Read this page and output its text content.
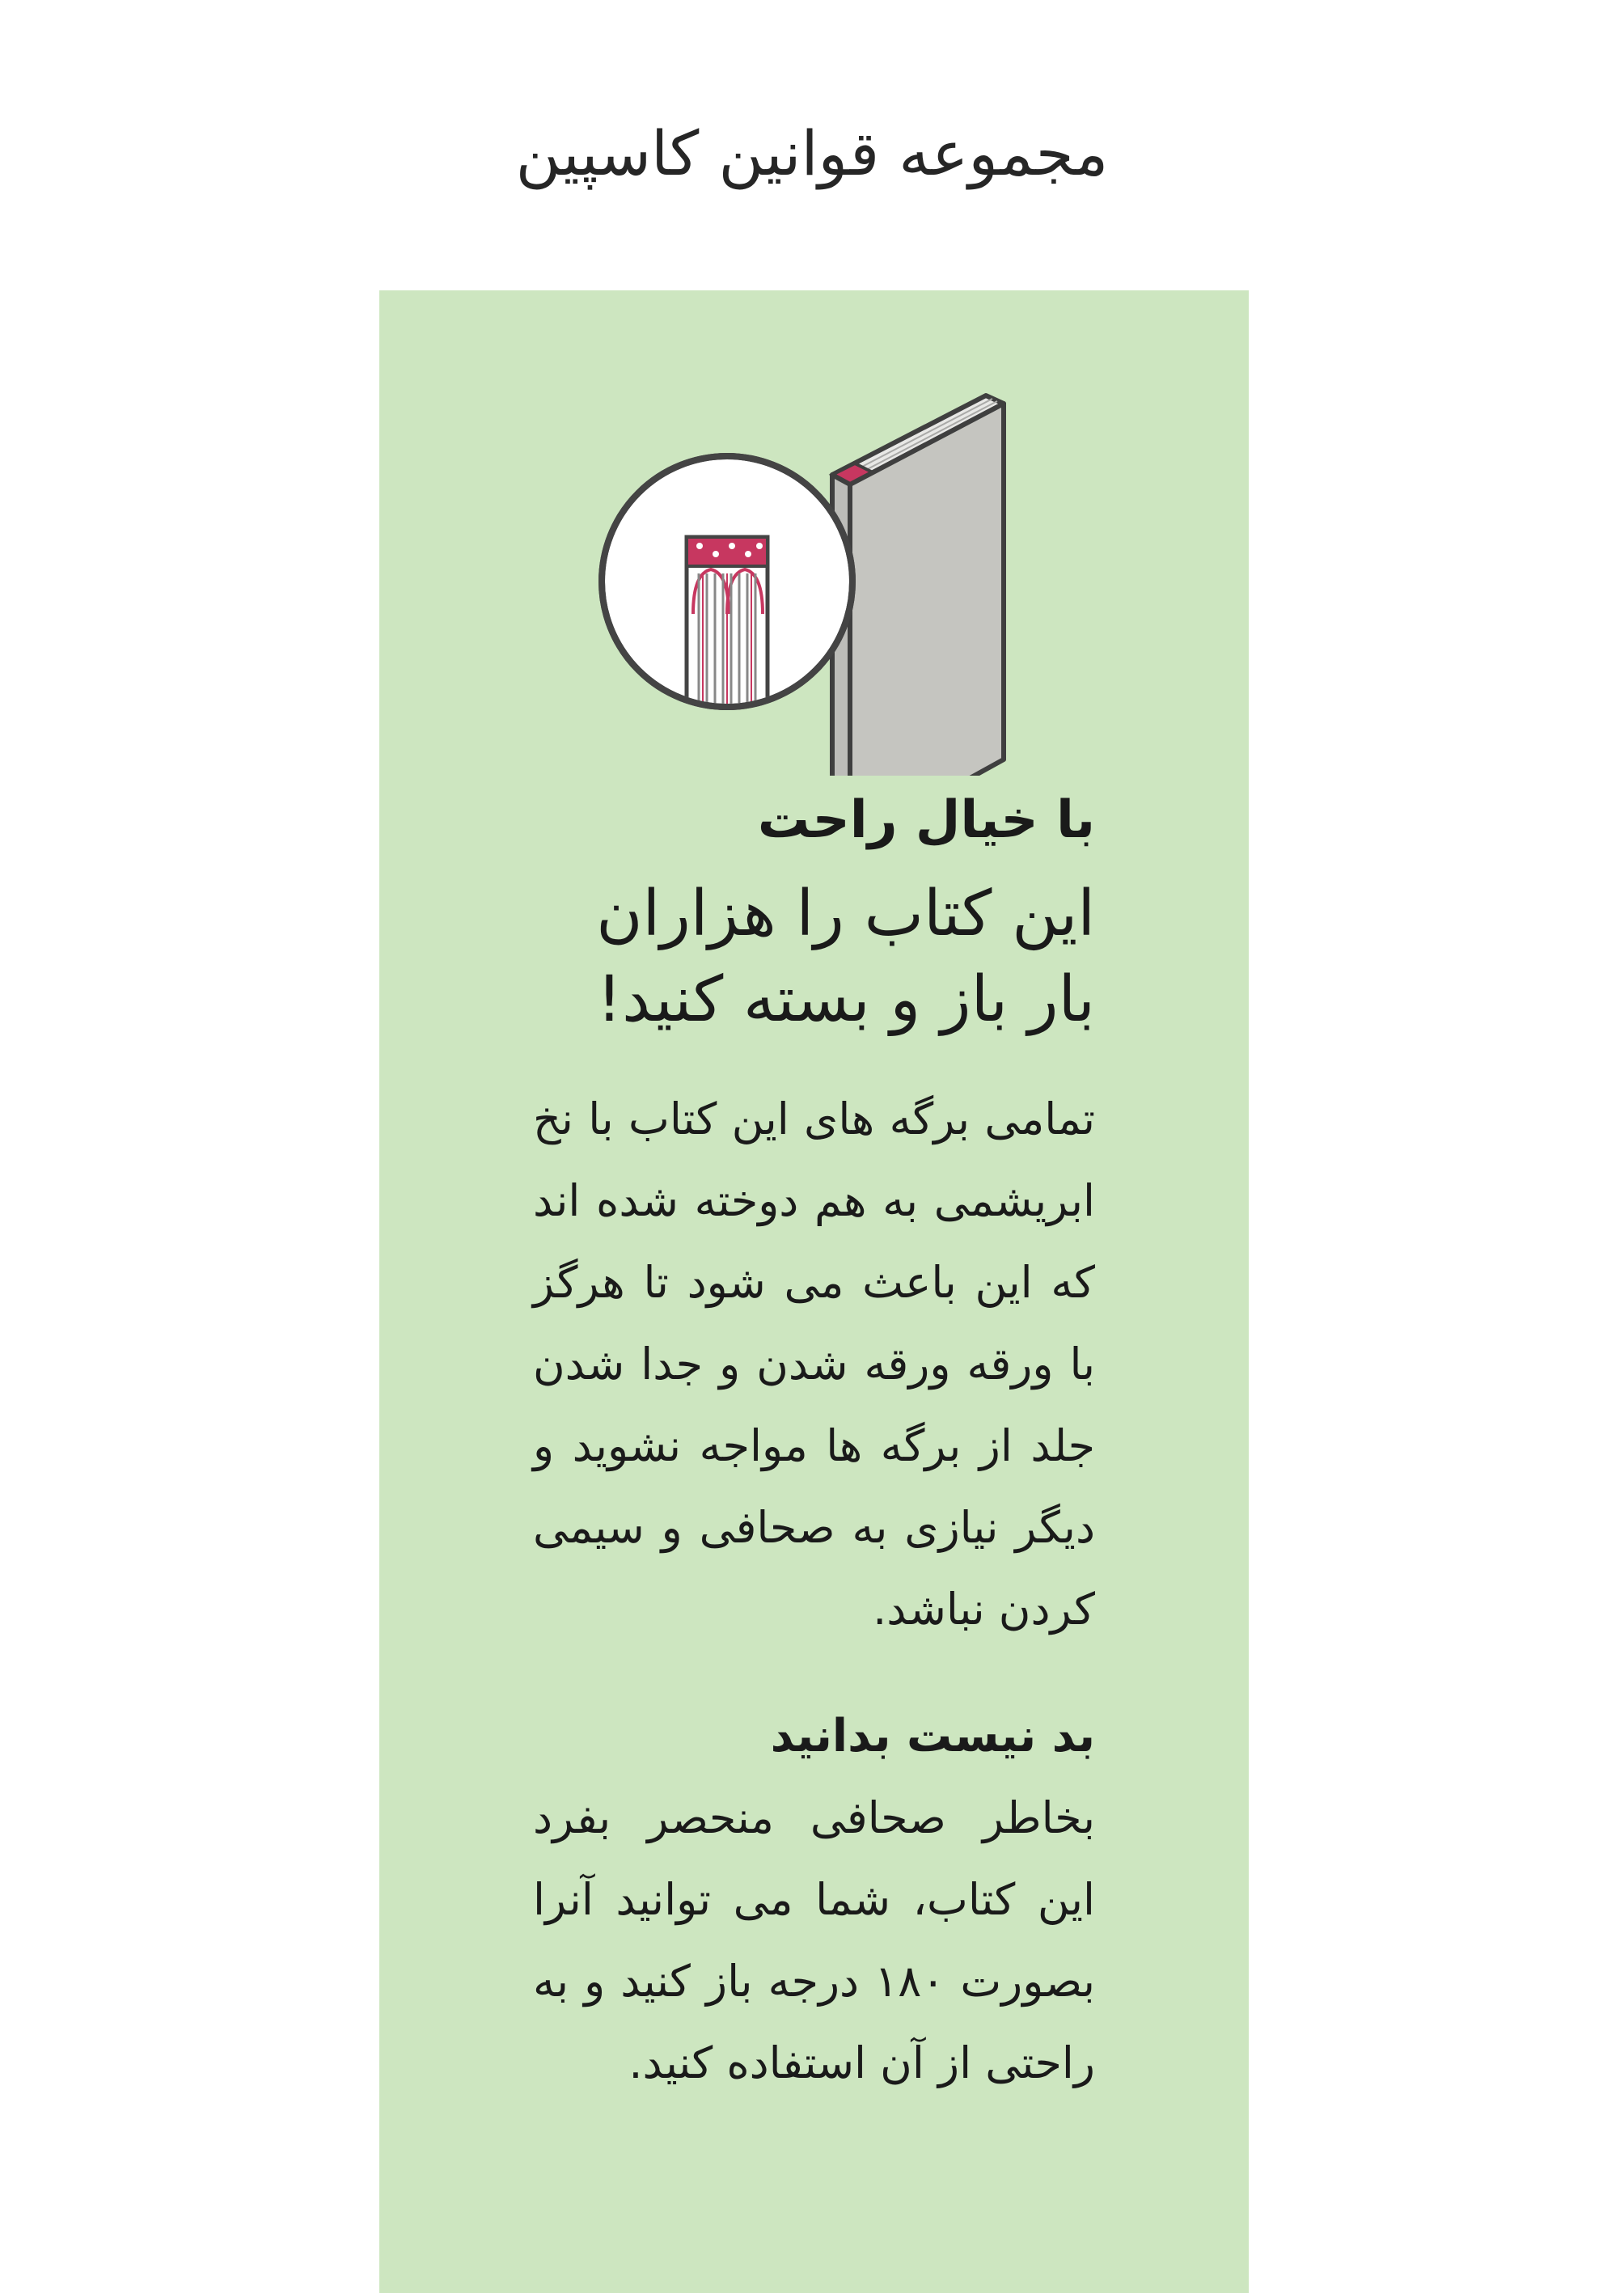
مجموعه قوانین کاسپین

با خیال راحت

این کتاب را هزاران بار باز و بسته کنید!

تمامی برگه های این کتاب با نخ ابریشمی به هم دوخته شده اند که این باعث می شود تا هرگز با ورقه ورقه شدن و جدا شدن جلد از برگه ها مواجه نشوید و دیگر نیازی به صحافی و سیمی کردن نباشد.

بد نیست بدانید

بخاطر صحافی منحصر بفرد این کتاب، شما می توانید آنرا بصورت ۱۸۰ درجه باز کنید و به راحتی از آن استفاده کنید.
